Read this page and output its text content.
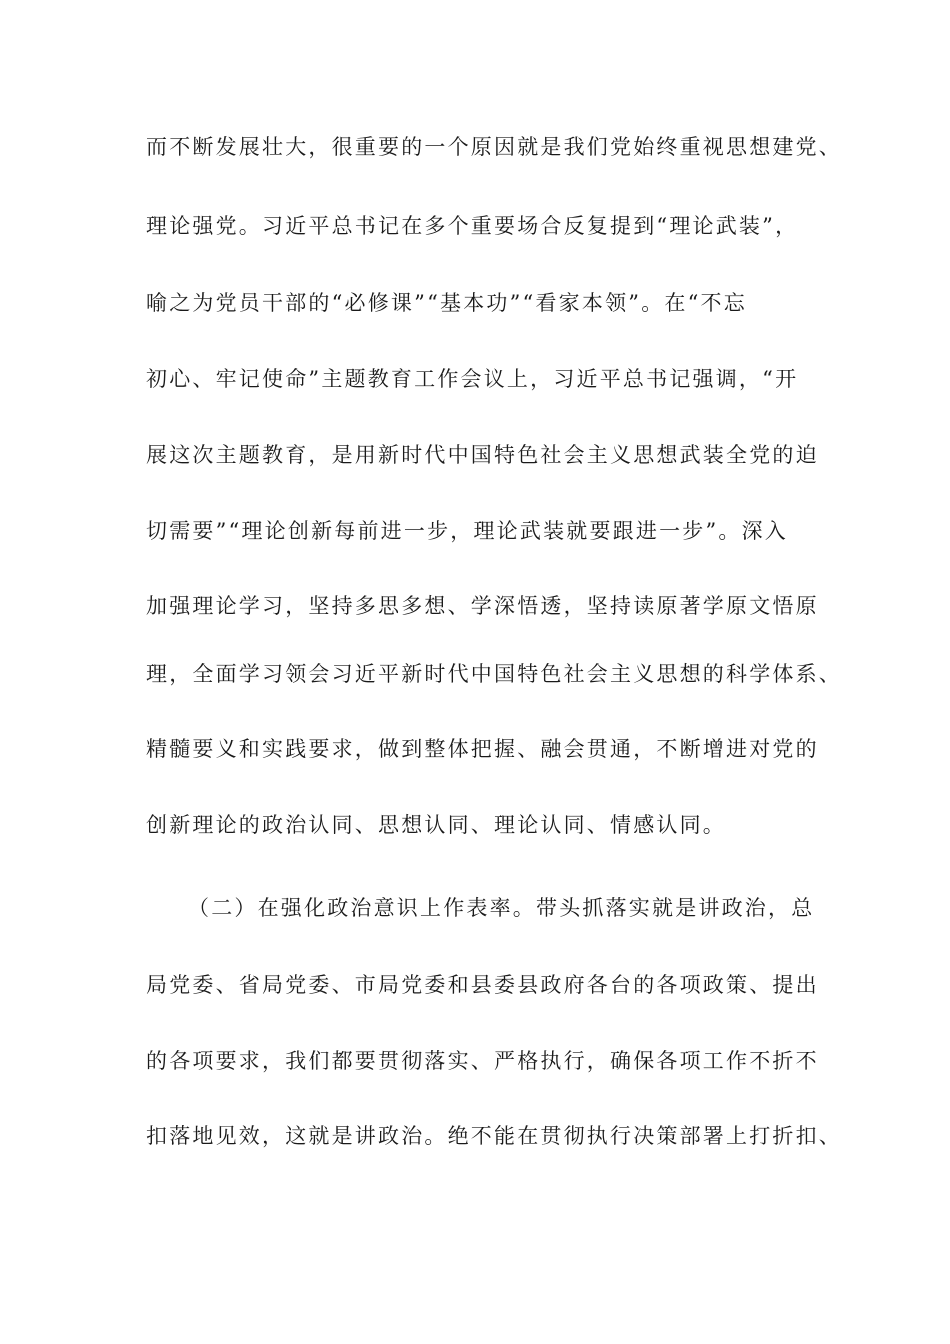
而不断发展壮大，很重要的一个原因就是我们党始终重视思想建党、
理论强党。习近平总书记在多个重要场合反复提到“理论武装”，
喻之为党员干部的“必修课”“基本功”“看家本领”。在“不忘
初心、牢记使命”主题教育工作会议上，习近平总书记强调，“开
展这次主题教育，是用新时代中国特色社会主义思想武装全党的迫
切需要”“理论创新每前进一步，理论武装就要跟进一步”。深入
加强理论学习，坚持多思多想、学深悟透，坚持读原著学原文悟原
理，全面学习领会习近平新时代中国特色社会主义思想的科学体系、
精髓要义和实践要求，做到整体把握、融会贯通，不断增进对党的
创新理论的政治认同、思想认同、理论认同、情感认同。
（二）在强化政治意识上作表率。带头抓落实就是讲政治，总
局党委、省局党委、市局党委和县委县政府各台的各项政策、提出
的各项要求，我们都要贯彻落实、严格执行，确保各项工作不折不
扣落地见效，这就是讲政治。绝不能在贯彻执行决策部署上打折扣、
